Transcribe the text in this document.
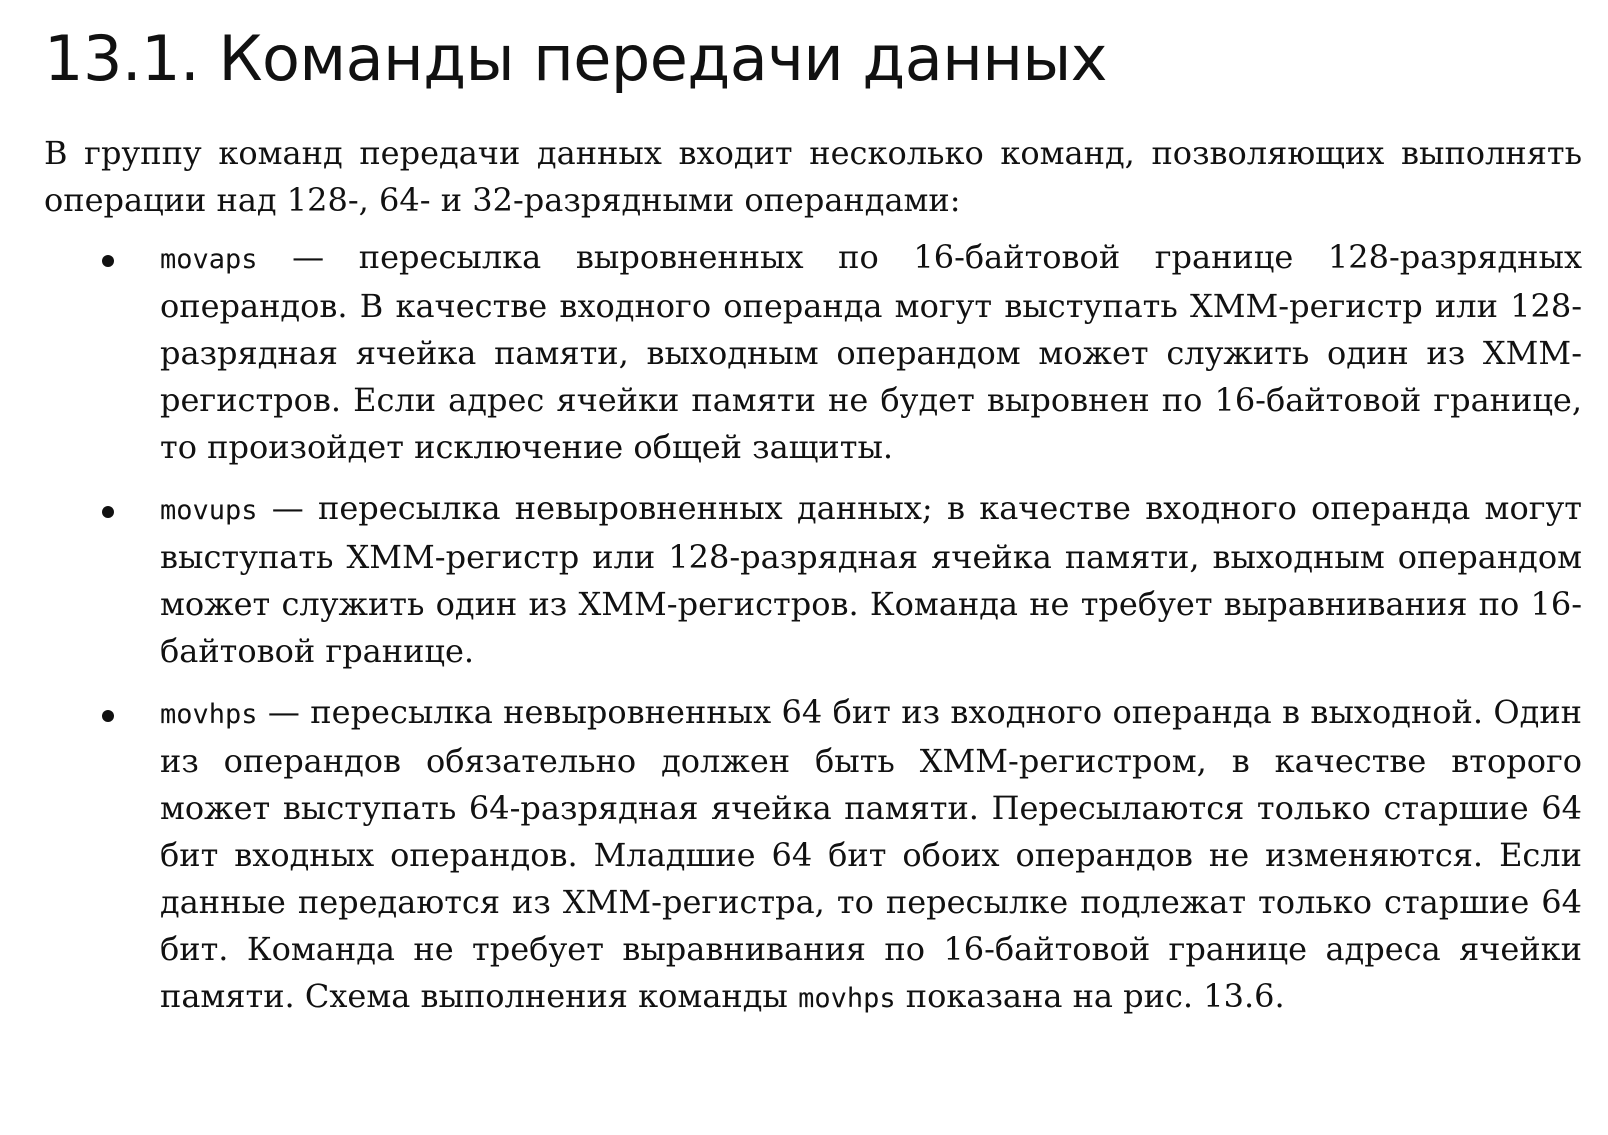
13.1. Команды передачи данных

В группу команд передачи данных входит несколько команд, позволяющих выполнять операции над 128-, 64- и 32-разрядными операндами:

movaps — пересылка выровненных по 16-байтовой границе 128-разрядных операндов. В качестве входного операнда могут выступать XMM-регистр или 128-разрядная ячейка памяти, выходным операндом может служить один из XMM-регистров. Если адрес ячейки памяти не будет выровнен по 16-байтовой границе, то произойдет исключение общей защиты.
movups — пересылка невыровненных данных; в качестве входного операнда могут выступать XMM-регистр или 128-разрядная ячейка памяти, выходным операндом может служить один из XMM-регистров. Команда не требует выравнивания по 16-байтовой границе.
movhps — пересылка невыровненных 64 бит из входного операнда в выходной. Один из операндов обязательно должен быть XMM-регистром, в качестве второго может выступать 64-разрядная ячейка памяти. Пересылаются только старшие 64 бит входных операндов. Младшие 64 бит обоих операндов не изменяются. Если данные передаются из XMM-регистра, то пересылке подлежат только старшие 64 бит. Команда не требует выравнивания по 16-байтовой границе адреса ячейки памяти. Схема выполнения команды movhps показана на рис. 13.6.
